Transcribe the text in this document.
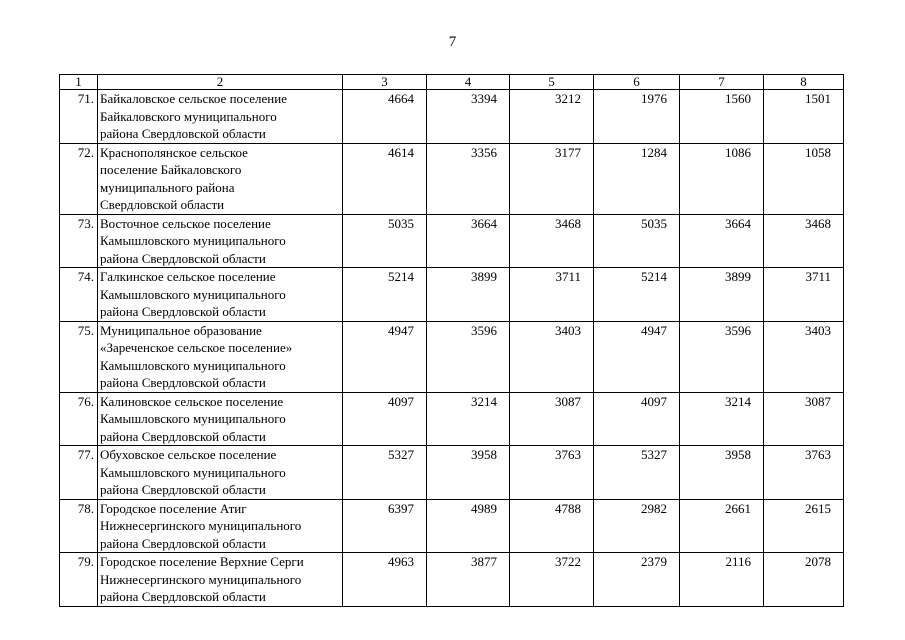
7
1	2	3	4	5	6	7	8
71.	Байкаловское сельское поселение
Байкаловского муниципального
района Свердловской области	4664	3394	3212	1976	1560	1501
72.	Краснополянское сельское
поселение Байкаловского
муниципального района
Свердловской области	4614	3356	3177	1284	1086	1058
73.	Восточное сельское поселение
Камышловского муниципального
района Свердловской области	5035	3664	3468	5035	3664	3468
74.	Галкинское сельское поселение
Камышловского муниципального
района Свердловской области	5214	3899	3711	5214	3899	3711
75.	Муниципальное образование
«Зареченское сельское поселение»
Камышловского муниципального
района Свердловской области	4947	3596	3403	4947	3596	3403
76.	Калиновское сельское поселение
Камышловского муниципального
района Свердловской области	4097	3214	3087	4097	3214	3087
77.	Обуховское сельское поселение
Камышловского муниципального
района Свердловской области	5327	3958	3763	5327	3958	3763
78.	Городское поселение Атиг
Нижнесергинского муниципального
района Свердловской области	6397	4989	4788	2982	2661	2615
79.	Городское поселение Верхние Серги
Нижнесергинского муниципального
района Свердловской области	4963	3877	3722	2379	2116	2078
